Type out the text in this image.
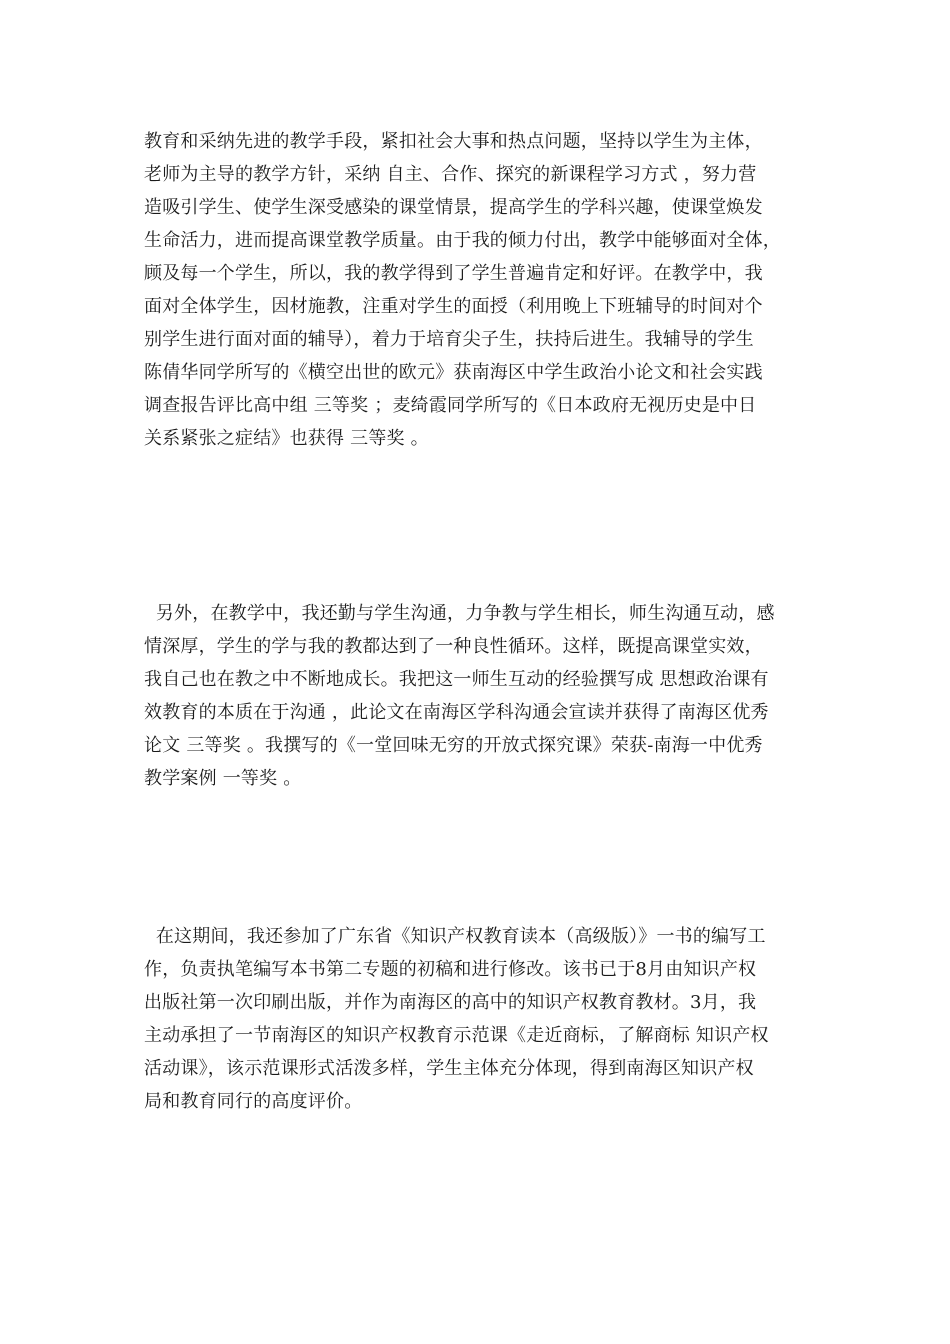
教育和采纳先进的教学手段，紧扣社会大事和热点问题，坚持以学生为主体，
老师为主导的教学方针，采纳 自主、合作、探究的新课程学习方式 ，努力营
造吸引学生、使学生深受感染的课堂情景，提高学生的学科兴趣，使课堂焕发
生命活力，进而提高课堂教学质量。由于我的倾力付出，教学中能够面对全体，
顾及每一个学生，所以，我的教学得到了学生普遍肯定和好评。在教学中，我
面对全体学生，因材施教，注重对学生的面授（利用晚上下班辅导的时间对个
别学生进行面对面的辅导），着力于培育尖子生，扶持后进生。我辅导的学生
陈倩华同学所写的《横空出世的欧元》获南海区中学生政治小论文和社会实践
调查报告评比高中组 三等奖 ；麦绮霞同学所写的《日本政府无视历史是中日
关系紧张之症结》也获得 三等奖 。
另外，在教学中，我还勤与学生沟通，力争教与学生相长，师生沟通互动，感
情深厚，学生的学与我的教都达到了一种良性循环。这样，既提高课堂实效，
我自己也在教之中不断地成长。我把这一师生互动的经验撰写成 思想政治课有
效教育的本质在于沟通 ，此论文在南海区学科沟通会宣读并获得了南海区优秀
论文 三等奖 。我撰写的《一堂回味无穷的开放式探究课》荣获-南海一中优秀
教学案例 一等奖 。
在这期间，我还参加了广东省《知识产权教育读本（高级版）》一书的编写工
作，负责执笔编写本书第二专题的初稿和进行修改。该书已于8月由知识产权
出版社第一次印刷出版，并作为南海区的高中的知识产权教育教材。3月，我
主动承担了一节南海区的知识产权教育示范课《走近商标，了解商标 知识产权
活动课》，该示范课形式活泼多样，学生主体充分体现，得到南海区知识产权
局和教育同行的高度评价。
